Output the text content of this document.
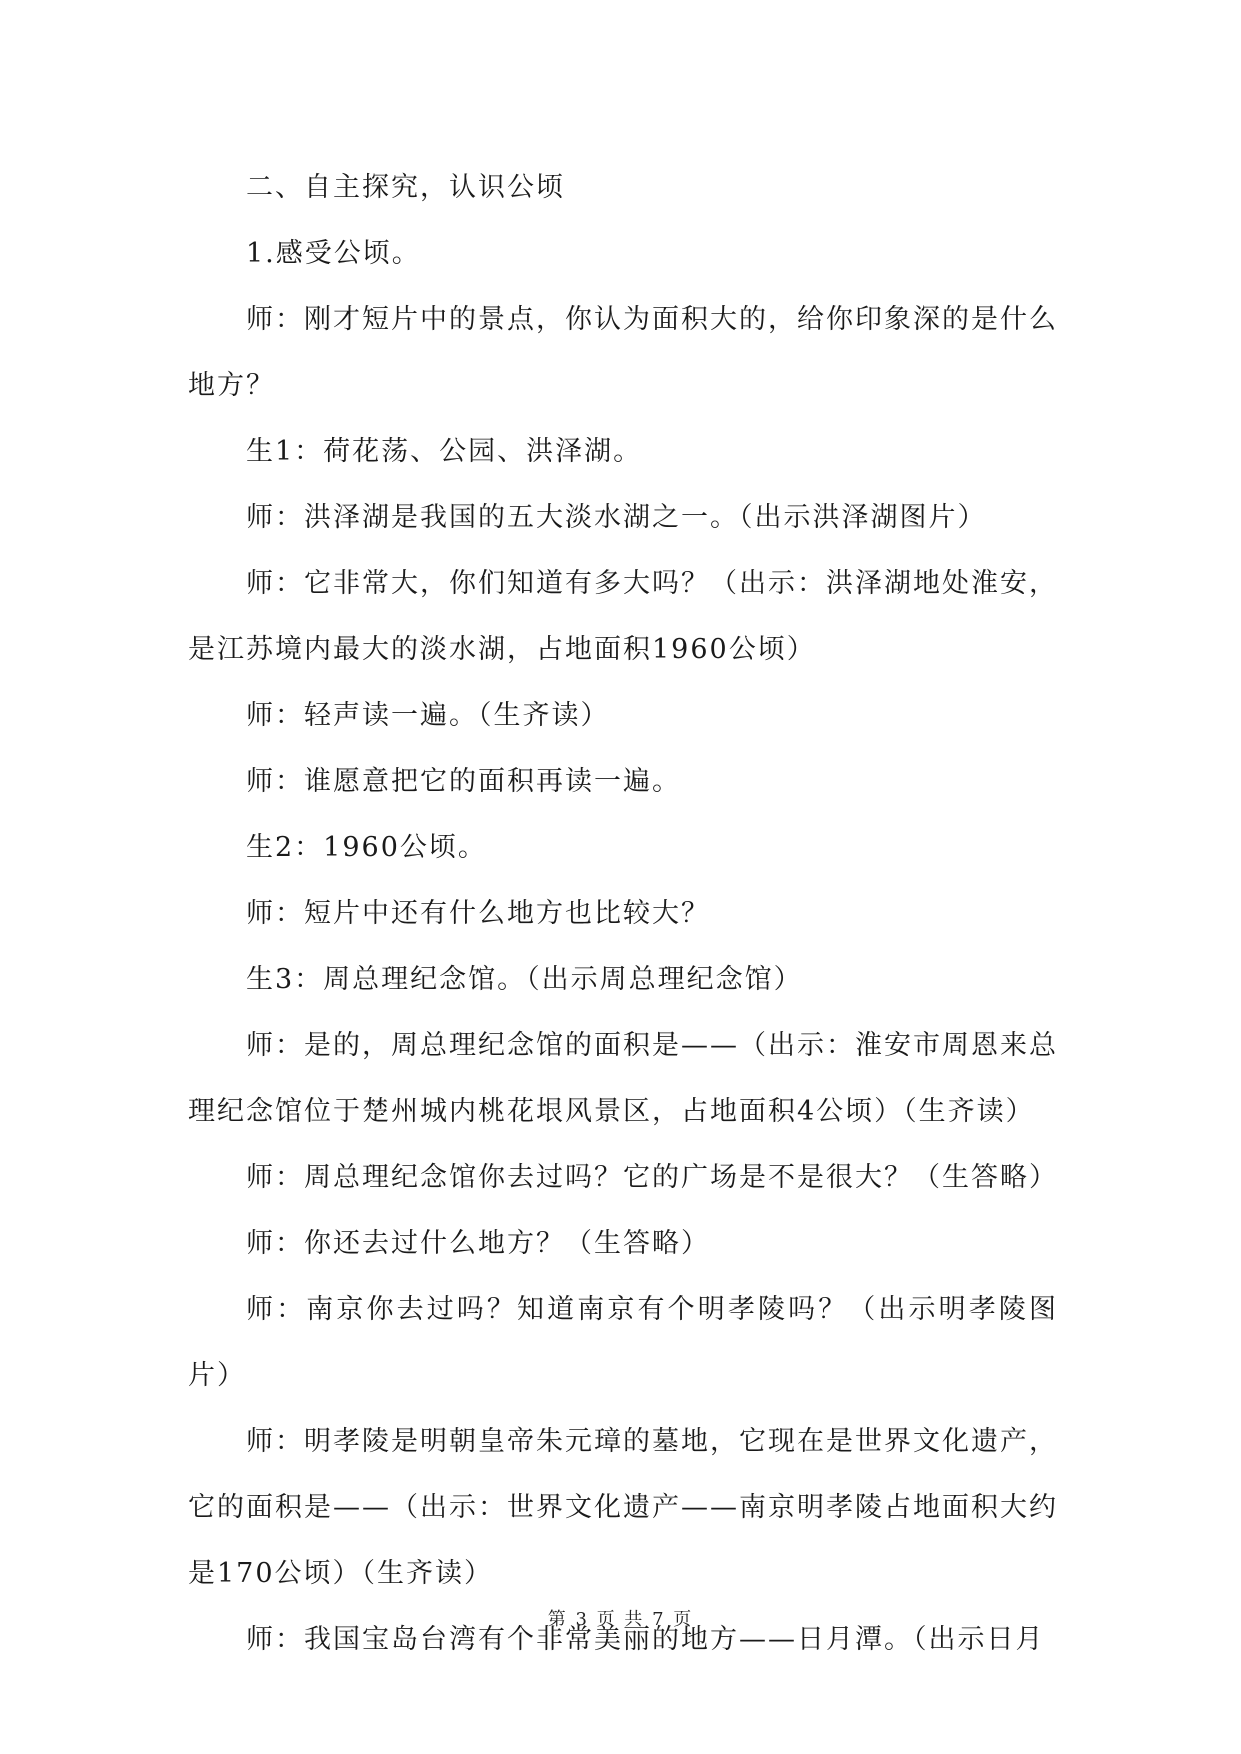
二、自主探究，认识公顷

1.感受公顷。

师：刚才短片中的景点，你认为面积大的，给你印象深的是什么地方？

生1：荷花荡、公园、洪泽湖。

师：洪泽湖是我国的五大淡水湖之一。（出示洪泽湖图片）

师：它非常大，你们知道有多大吗？（出示：洪泽湖地处淮安，是江苏境内最大的淡水湖，占地面积1960公顷）

师：轻声读一遍。（生齐读）

师：谁愿意把它的面积再读一遍。

生2：1960公顷。

师：短片中还有什么地方也比较大？

生3：周总理纪念馆。（出示周总理纪念馆）

师：是的，周总理纪念馆的面积是——（出示：淮安市周恩来总理纪念馆位于楚州城内桃花垠风景区，占地面积4公顷）（生齐读）

师：周总理纪念馆你去过吗？它的广场是不是很大？（生答略）

师：你还去过什么地方？（生答略）

师：南京你去过吗？知道南京有个明孝陵吗？（出示明孝陵图片）

师：明孝陵是明朝皇帝朱元璋的墓地，它现在是世界文化遗产，它的面积是——（出示：世界文化遗产——南京明孝陵占地面积大约是170公顷）（生齐读）

师：我国宝岛台湾有个非常美丽的地方——日月潭。（出示日月

第 3 页 共 7 页
